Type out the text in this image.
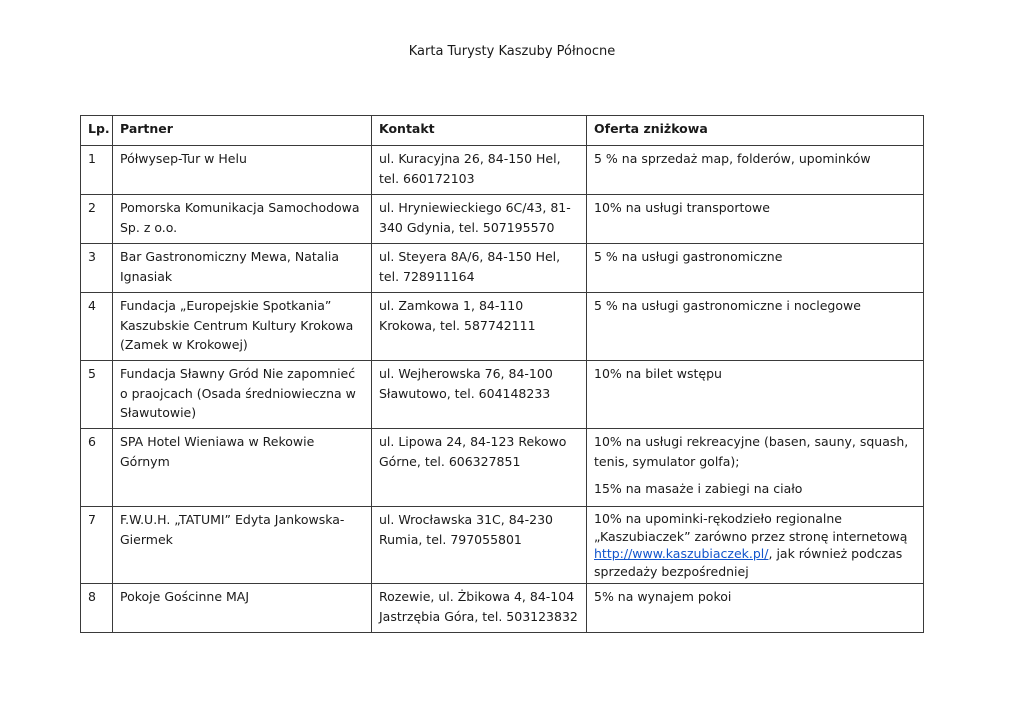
Karta Turysty Kaszuby Północne
Lp.	Partner	Kontakt	Oferta zniżkowa
1	Półwysep-Tur w Helu	ul. Kuracyjna 26, 84-150 Hel, tel. 660172103	5 % na sprzedaż map, folderów, upominków
2	Pomorska Komunikacja Samochodowa Sp. z o.o.	ul. Hryniewieckiego 6C/43, 81-340 Gdynia, tel. 507195570	10% na usługi transportowe
3	Bar Gastronomiczny Mewa, Natalia Ignasiak	ul. Steyera 8A/6, 84-150 Hel, tel. 728911164	5 % na usługi gastronomiczne
4	Fundacja „Europejskie Spotkania” Kaszubskie Centrum Kultury Krokowa (Zamek w Krokowej)	ul. Zamkowa 1, 84-110 Krokowa, tel. 587742111	5 % na usługi gastronomiczne i noclegowe
5	Fundacja Sławny Gród Nie zapomnieć o praojcach (Osada średniowieczna w Sławutowie)	ul. Wejherowska 76, 84-100 Sławutowo, tel. 604148233	10% na bilet wstępu
6	SPA Hotel Wieniawa w Rekowie Górnym	ul. Lipowa 24, 84-123 Rekowo Górne, tel. 606327851	10% na usługi rekreacyjne (basen, sauny, squash, tenis, symulator golfa);

15% na masaże i zabiegi na ciało

7	F.W.U.H. „TATUMI” Edyta Jankowska-Giermek	ul. Wrocławska 31C, 84-230 Rumia, tel. 797055801	10% na upominki-rękodzieło regionalne „Kaszubiaczek” zarówno przez stronę internetową http://www.kaszubiaczek.pl/, jak również podczas sprzedaży bezpośredniej
8	Pokoje Gościnne MAJ	Rozewie, ul. Żbikowa 4, 84-104 Jastrzębia Góra, tel. 503123832	5% na wynajem pokoi
